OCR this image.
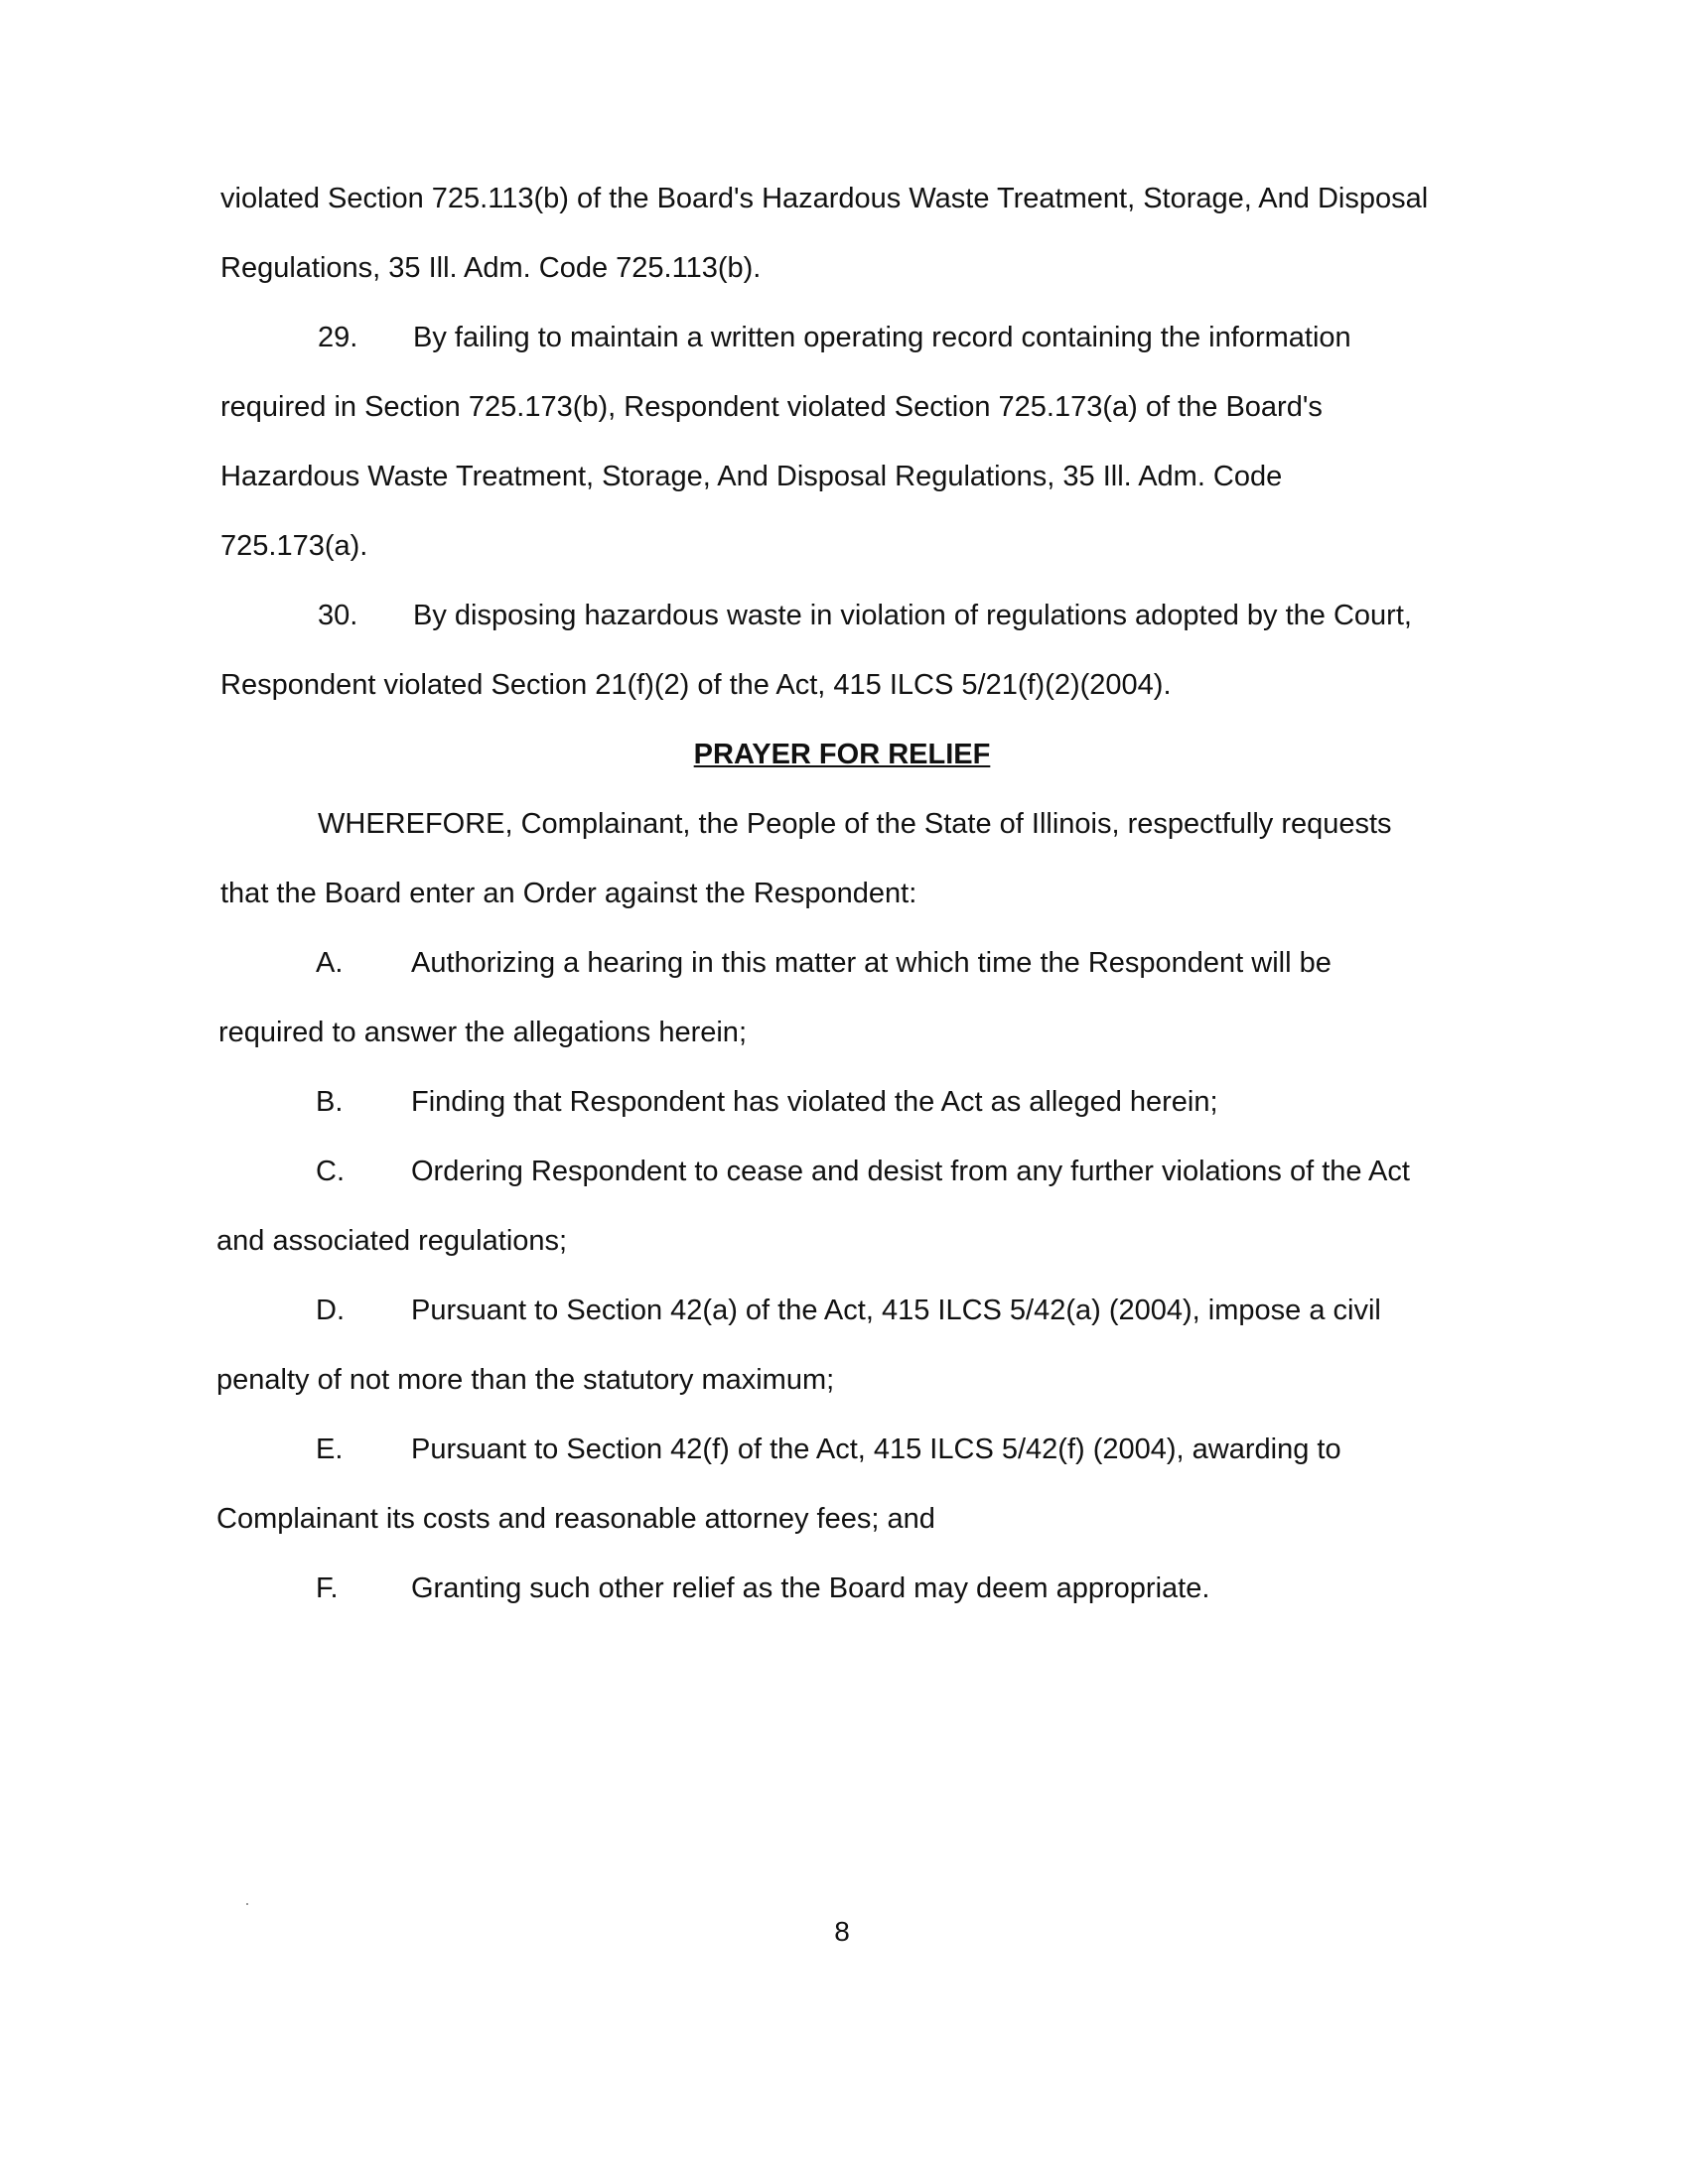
violated Section 725.113(b) of the Board's Hazardous Waste Treatment, Storage, And Disposal

Regulations, 35 Ill. Adm. Code 725.113(b).

29. By failing to maintain a written operating record containing the information

required in Section 725.173(b), Respondent violated Section 725.173(a) of the Board's

Hazardous Waste Treatment, Storage, And Disposal Regulations, 35 Ill. Adm. Code

725.173(a).

30. By disposing hazardous waste in violation of regulations adopted by the Court,

Respondent violated Section 21(f)(2) of the Act, 415 ILCS 5/21(f)(2)(2004).

PRAYER FOR RELIEF

WHEREFORE, Complainant, the People of the State of Illinois, respectfully requests

that the Board enter an Order against the Respondent:

A. Authorizing a hearing in this matter at which time the Respondent will be

required to answer the allegations herein;

B. Finding that Respondent has violated the Act as alleged herein;

C. Ordering Respondent to cease and desist from any further violations of the Act

and associated regulations;

D. Pursuant to Section 42(a) of the Act, 415 ILCS 5/42(a) (2004), impose a civil

penalty of not more than the statutory maximum;

E. Pursuant to Section 42(f) of the Act, 415 ILCS 5/42(f) (2004), awarding to

Complainant its costs and reasonable attorney fees; and

F.	Granting such other relief as the Board may deem appropriate.

8
